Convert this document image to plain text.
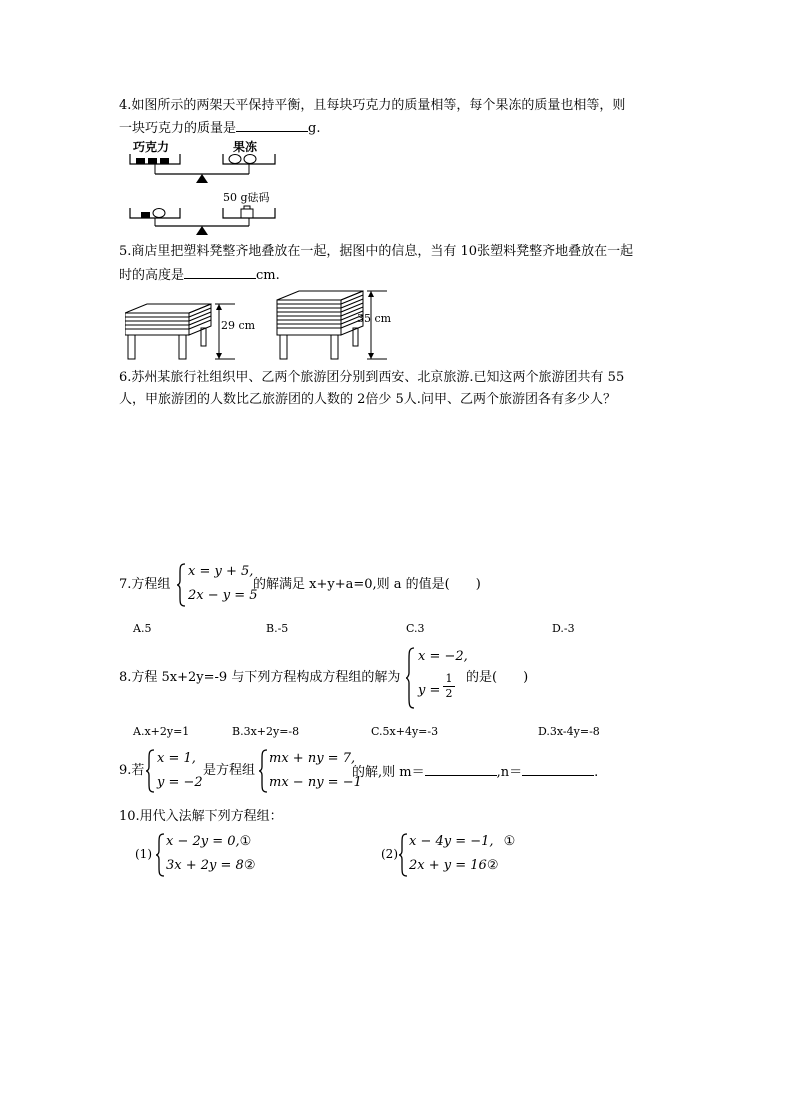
4.如图所示的两架天平保持平衡，且每块巧克力的质量相等，每个果冻的质量也相等，则
一块巧克力的质量是	g.
巧克力	果冻
50 g砝码
5.商店里把塑料凳整齐地叠放在一起，据图中的信息，当有 10张塑料凳整齐地叠放在一起
时的高度是	cm.
29 cm
35 cm
6.苏州某旅行社组织甲、乙两个旅游团分别到西安、北京旅游.已知这两个旅游团共有 55
人，甲旅游团的人数比乙旅游团的人数的 2倍少 5人.问甲、乙两个旅游团各有多少人？
7.方程组
x = y + 5,
2x − y = 5
的解满足 x+y+a=0,则 a 的值是(　　)
A.5	B.-5	C.3	D.-3
8.方程 5x+2y=-9 与下列方程构成方程组的解为
x = −2,
y =
1
2
的是(　　)
A.x+2y=1	B.3x+2y=-8	C.5x+4y=-3	D.3x-4y=-8
9.若
x = 1,
y = −2
是方程组
mx + ny = 7,
mx − ny = −1
的解,则 m＝	,n＝	.
10.用代入法解下列方程组：
(1)
x − 2y = 0,①
3x + 2y = 8②
(2)
x − 4y = −1, ①
2x + y = 16②
